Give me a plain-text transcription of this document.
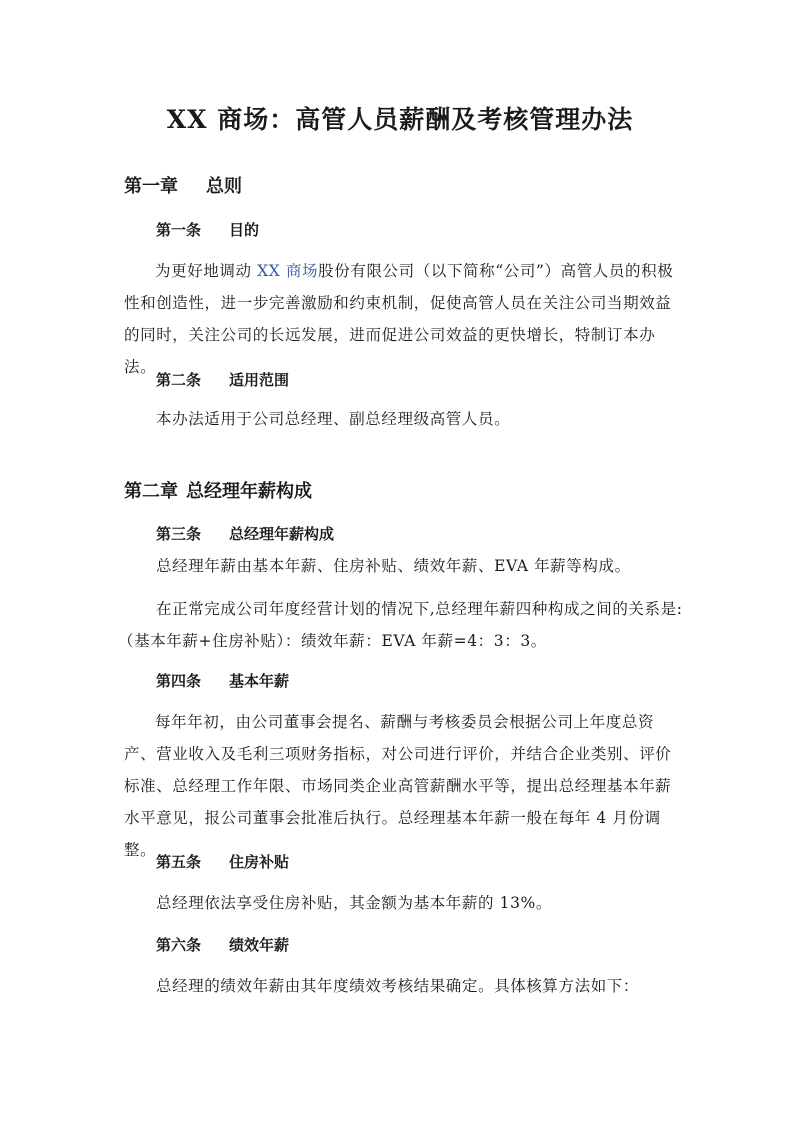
XX 商场：高管人员薪酬及考核管理办法
第一章 总则
第一条 目的
为更好地调动 XX 商场股份有限公司（以下简称“公司”）高管人员的积极性和创造性，进一步完善激励和约束机制，促使高管人员在关注公司当期效益的同时，关注公司的长远发展，进而促进公司效益的更快增长，特制订本办法。
第二条 适用范围
本办法适用于公司总经理、副总经理级高管人员。
第二章 总经理年薪构成
第三条 总经理年薪构成
总经理年薪由基本年薪、住房补贴、绩效年薪、EVA 年薪等构成。
在正常完成公司年度经营计划的情况下,总经理年薪四种构成之间的关系是:
（基本年薪+住房补贴）：绩效年薪：EVA 年薪=4：3：3。
第四条 基本年薪
每年年初，由公司董事会提名、薪酬与考核委员会根据公司上年度总资产、营业收入及毛利三项财务指标，对公司进行评价，并结合企业类别、评价标准、总经理工作年限、市场同类企业高管薪酬水平等，提出总经理基本年薪水平意见，报公司董事会批准后执行。总经理基本年薪一般在每年 4 月份调整。
第五条 住房补贴
总经理依法享受住房补贴，其金额为基本年薪的 13%。
第六条 绩效年薪
总经理的绩效年薪由其年度绩效考核结果确定。具体核算方法如下：
